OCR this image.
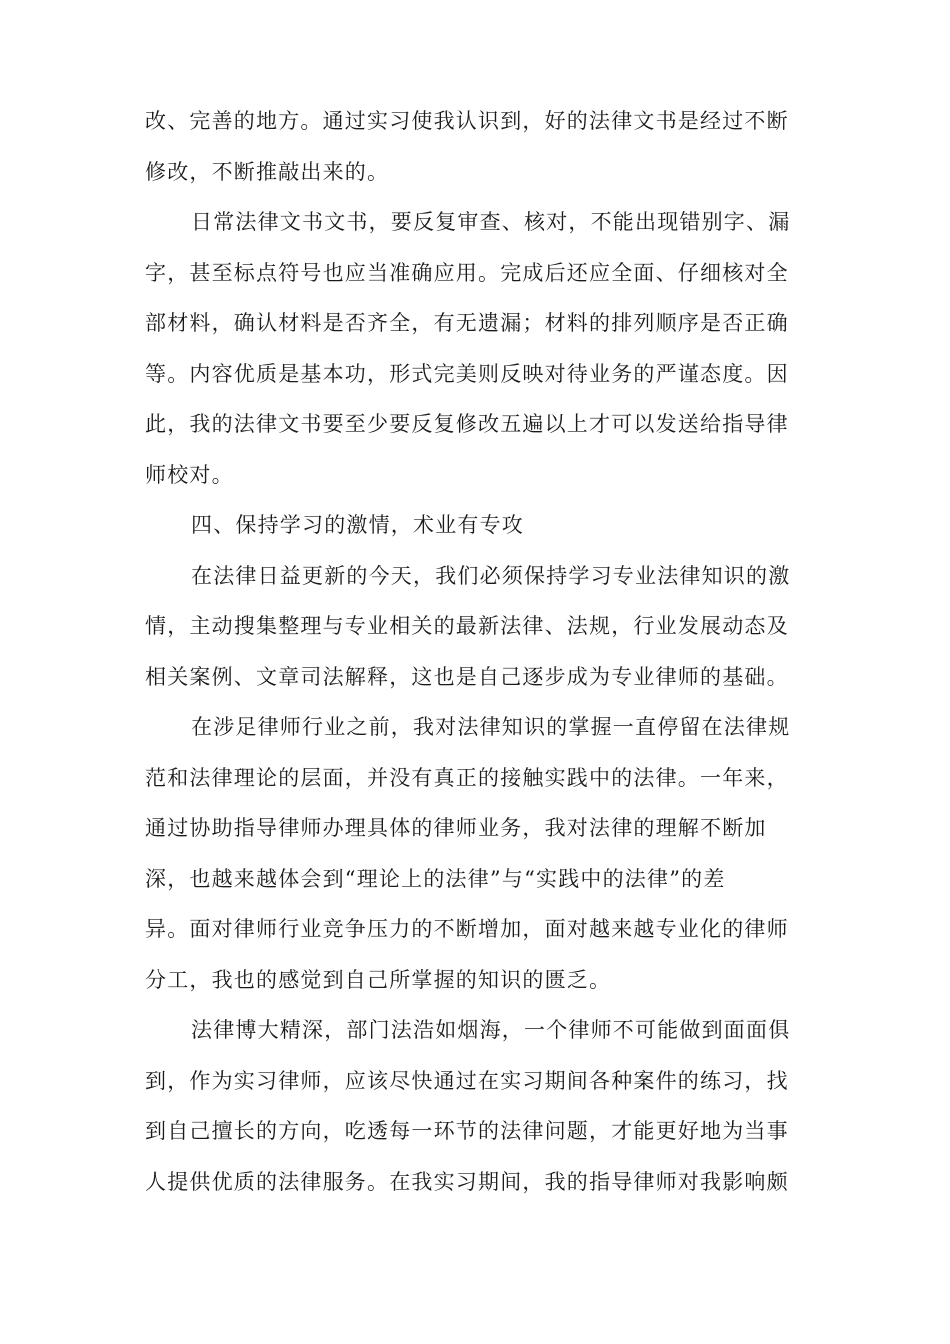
改、完善的地方。通过实习使我认识到，好的法律文书是经过不断
修改，不断推敲出来的。
日常法律文书文书，要反复审查、核对，不能出现错别字、漏
字，甚至标点符号也应当准确应用。完成后还应全面、仔细核对全
部材料，确认材料是否齐全，有无遗漏；材料的排列顺序是否正确
等。内容优质是基本功，形式完美则反映对待业务的严谨态度。因
此，我的法律文书要至少要反复修改五遍以上才可以发送给指导律
师校对。
四、保持学习的激情，术业有专攻
在法律日益更新的今天，我们必须保持学习专业法律知识的激
情，主动搜集整理与专业相关的最新法律、法规，行业发展动态及
相关案例、文章司法解释，这也是自己逐步成为专业律师的基础。
在涉足律师行业之前，我对法律知识的掌握一直停留在法律规
范和法律理论的层面，并没有真正的接触实践中的法律。一年来，
通过协助指导律师办理具体的律师业务，我对法律的理解不断加
深，也越来越体会到“理论上的法律”与“实践中的法律”的差
异。面对律师行业竞争压力的不断增加，面对越来越专业化的律师
分工，我也的感觉到自己所掌握的知识的匮乏。
法律博大精深，部门法浩如烟海，一个律师不可能做到面面俱
到，作为实习律师，应该尽快通过在实习期间各种案件的练习，找
到自己擅长的方向，吃透每一环节的法律问题，才能更好地为当事
人提供优质的法律服务。在我实习期间，我的指导律师对我影响颇
